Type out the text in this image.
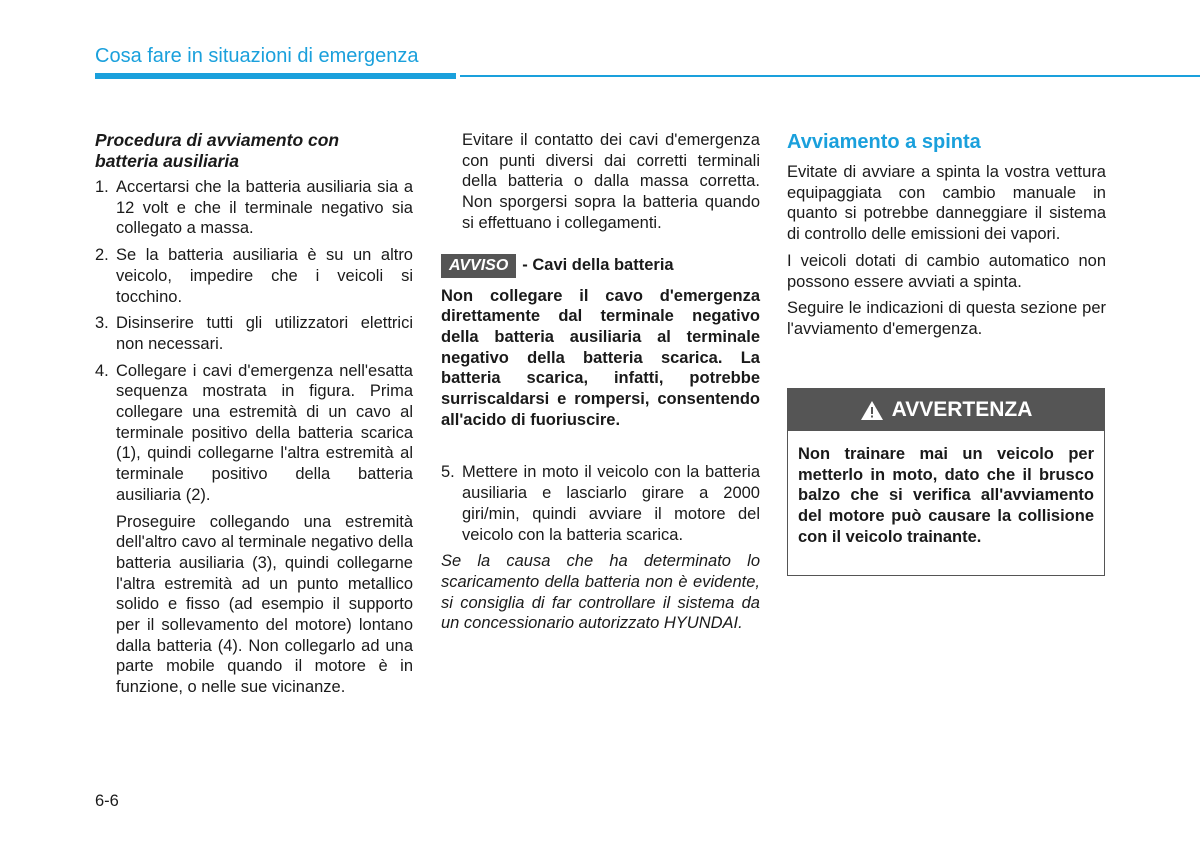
Cosa fare in situazioni di emergenza
Procedura di avviamento con
batteria ausiliaria
1. Accertarsi che la batteria ausiliaria sia a 12 volt e che il terminale negativo sia collegato a massa.
2. Se la batteria ausiliaria è su un altro veicolo, impedire che i veicoli si tocchino.
3. Disinserire tutti gli utilizzatori elettrici non necessari.
4. Collegare i cavi d'emergenza nell'esatta sequenza mostrata in figura. Prima collegare una estremità di un cavo al terminale positivo della batteria scarica (1), quindi collegarne l'altra estremità al terminale positivo della batteria ausiliaria (2).
Proseguire collegando una estremità dell'altro cavo al terminale negativo della batteria ausiliaria (3), quindi collegarne l'altra estremità ad un punto metallico solido e fisso (ad esempio il supporto per il sollevamento del motore) lontano dalla batteria (4). Non collegarlo ad una parte mobile quando il motore è in funzione, o nelle sue vicinanze.
Evitare il contatto dei cavi d'emergenza con punti diversi dai corretti terminali della batteria o dalla massa corretta. Non sporgersi sopra la batteria quando si effettuano i collegamenti.
AVVISO - Cavi della batteria
Non collegare il cavo d'emergenza direttamente dal terminale negativo della batteria ausiliaria al terminale negativo della batteria scarica. La batteria scarica, infatti, potrebbe surriscaldarsi e rompersi, consentendo all'acido di fuoriuscire.
5. Mettere in moto il veicolo con la batteria ausiliaria e lasciarlo girare a 2000 giri/min, quindi avviare il motore del veicolo con la batteria scarica.
Se la causa che ha determinato lo scaricamento della batteria non è evidente, si consiglia di far controllare il sistema da un concessionario autorizzato HYUNDAI.
Avviamento a spinta
Evitate di avviare a spinta la vostra vettura equipaggiata con cambio manuale in quanto si potrebbe danneggiare il sistema di controllo delle emissioni dei vapori.
I veicoli dotati di cambio automatico non possono essere avviati a spinta.
Seguire le indicazioni di questa sezione per l'avviamento d'emergenza.
AVVERTENZA
Non trainare mai un veicolo per metterlo in moto, dato che il brusco balzo che si verifica all'avviamento del motore può causare la collisione con il veicolo trainante.
6-6
